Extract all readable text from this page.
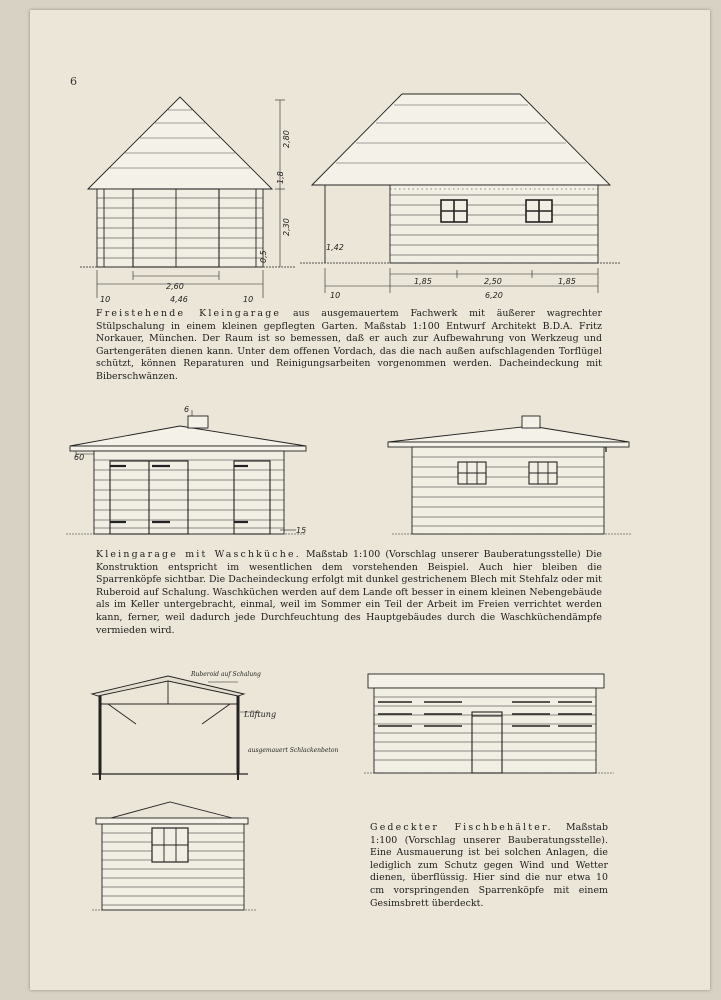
6
2,60
4,46
10	10
2,80
2,30
1,8
0,5
1,85	2,50	1,85
6,20
10
1,42
Freistehende Kleingarage aus ausgemauertem Fachwerk mit äußerer wagrechter Stülpschalung in einem kleinen gepflegten Garten. Maßstab 1:100 Entwurf Architekt B.D.A. Fritz Norkauer, München. Der Raum ist so bemessen, daß er auch zur Aufbewahrung von Werkzeug und Gartengeräten dienen kann. Unter dem offenen Vordach, das die nach außen aufschlagenden Torflügel schützt, können Reparaturen und Reinigungsarbeiten vorgenommen werden. Dacheindeckung mit Biberschwänzen.
6
60
15
Kleingarage mit Waschküche. Maßstab 1:100 (Vorschlag unserer Bauberatungsstelle) Die Konstruktion entspricht im wesentlichen dem vorstehenden Beispiel. Auch hier bleiben die Sparrenköpfe sichtbar. Die Dacheindeckung erfolgt mit dunkel gestrichenem Blech mit Stehfalz oder mit Ruberoid auf Schalung. Waschküchen werden auf dem Lande oft besser in einem kleinen Nebengebäude als im Keller untergebracht, einmal, weil im Sommer ein Teil der Arbeit im Freien verrichtet werden kann, ferner, weil dadurch jede Durchfeuchtung des Hauptgebäudes durch die Waschküchendämpfe vermieden wird.
Ruberoid auf Schalung
Lüftung
ausgemauert Schlackenbeton
Gedeckter Fischbehälter. Maßstab 1:100 (Vorschlag unserer Bauberatungsstelle). Eine Ausmauerung ist bei solchen Anlagen, die lediglich zum Schutz gegen Wind und Wetter dienen, überflüssig. Hier sind die nur etwa 10 cm vorspringenden Sparrenköpfe mit einem Gesimsbrett überdeckt.
